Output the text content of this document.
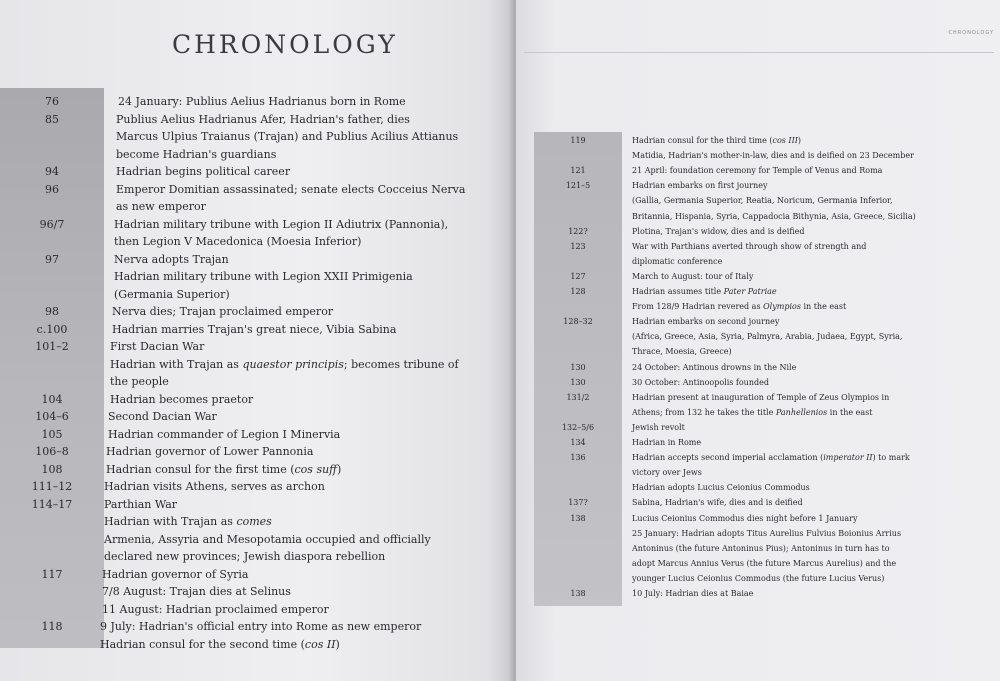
CHRONOLOGY
76	24 January: Publius Aelius Hadrianus born in Rome
85	Publius Aelius Hadrianus Afer, Hadrian's father, dies
Marcus Ulpius Traianus (Trajan) and Publius Acilius Attianus
become Hadrian's guardians
94	Hadrian begins political career
96	Emperor Domitian assassinated; senate elects Cocceius Nerva
as new emperor
96/7	Hadrian military tribune with Legion II Adiutrix (Pannonia),
then Legion V Macedonica (Moesia Inferior)
97	Nerva adopts Trajan
Hadrian military tribune with Legion XXII Primigenia
(Germania Superior)
98	Nerva dies; Trajan proclaimed emperor
c.100	Hadrian marries Trajan's great niece, Vibia Sabina
101–2	First Dacian War
Hadrian with Trajan as quaestor principis; becomes tribune of
the people
104	Hadrian becomes praetor
104–6	Second Dacian War
105	Hadrian commander of Legion I Minervia
106–8	Hadrian governor of Lower Pannonia
108	Hadrian consul for the first time (cos suff)
111–12	Hadrian visits Athens, serves as archon
114–17	Parthian War
Hadrian with Trajan as comes
Armenia, Assyria and Mesopotamia occupied and officially
declared new provinces; Jewish diaspora rebellion
117	Hadrian governor of Syria
7/8 August: Trajan dies at Selinus
11 August: Hadrian proclaimed emperor
118	9 July: Hadrian's official entry into Rome as new emperor
Hadrian consul for the second time (cos II)
CHRONOLOGY
119	Hadrian consul for the third time (cos III)
Matidia, Hadrian's mother-in-law, dies and is deified on 23 December
121	21 April: foundation ceremony for Temple of Venus and Roma
121–5	Hadrian embarks on first journey
(Gallia, Germania Superior, Reatia, Noricum, Germania Inferior,
Britannia, Hispania, Syria, Cappadocia Bithynia, Asia, Greece, Sicilia)
122?	Plotina, Trajan's widow, dies and is deified
123	War with Parthians averted through show of strength and
diplomatic conference
127	March to August: tour of Italy
128	Hadrian assumes title Pater Patriae
From 128/9 Hadrian revered as Olympios in the east
128–32	Hadrian embarks on second journey
(Africa, Greece, Asia, Syria, Palmyra, Arabia, Judaea, Egypt, Syria,
Thrace, Moesia, Greece)
130	24 October: Antinous drowns in the Nile
130	30 October: Antinoopolis founded
131/2	Hadrian present at inauguration of Temple of Zeus Olympios in
Athens; from 132 he takes the title Panhellenios in the east
132–5/6	Jewish revolt
134	Hadrian in Rome
136	Hadrian accepts second imperial acclamation (imperator II) to mark
victory over Jews
Hadrian adopts Lucius Ceionius Commodus
137?	Sabina, Hadrian's wife, dies and is deified
138	Lucius Ceionius Commodus dies night before 1 January
25 January: Hadrian adopts Titus Aurelius Fulvius Boionius Arrius
Antoninus (the future Antoninus Pius); Antoninus in turn has to
adopt Marcus Annius Verus (the future Marcus Aurelius) and the
younger Lucius Ceionius Commodus (the future Lucius Verus)
138	10 July: Hadrian dies at Baiae
